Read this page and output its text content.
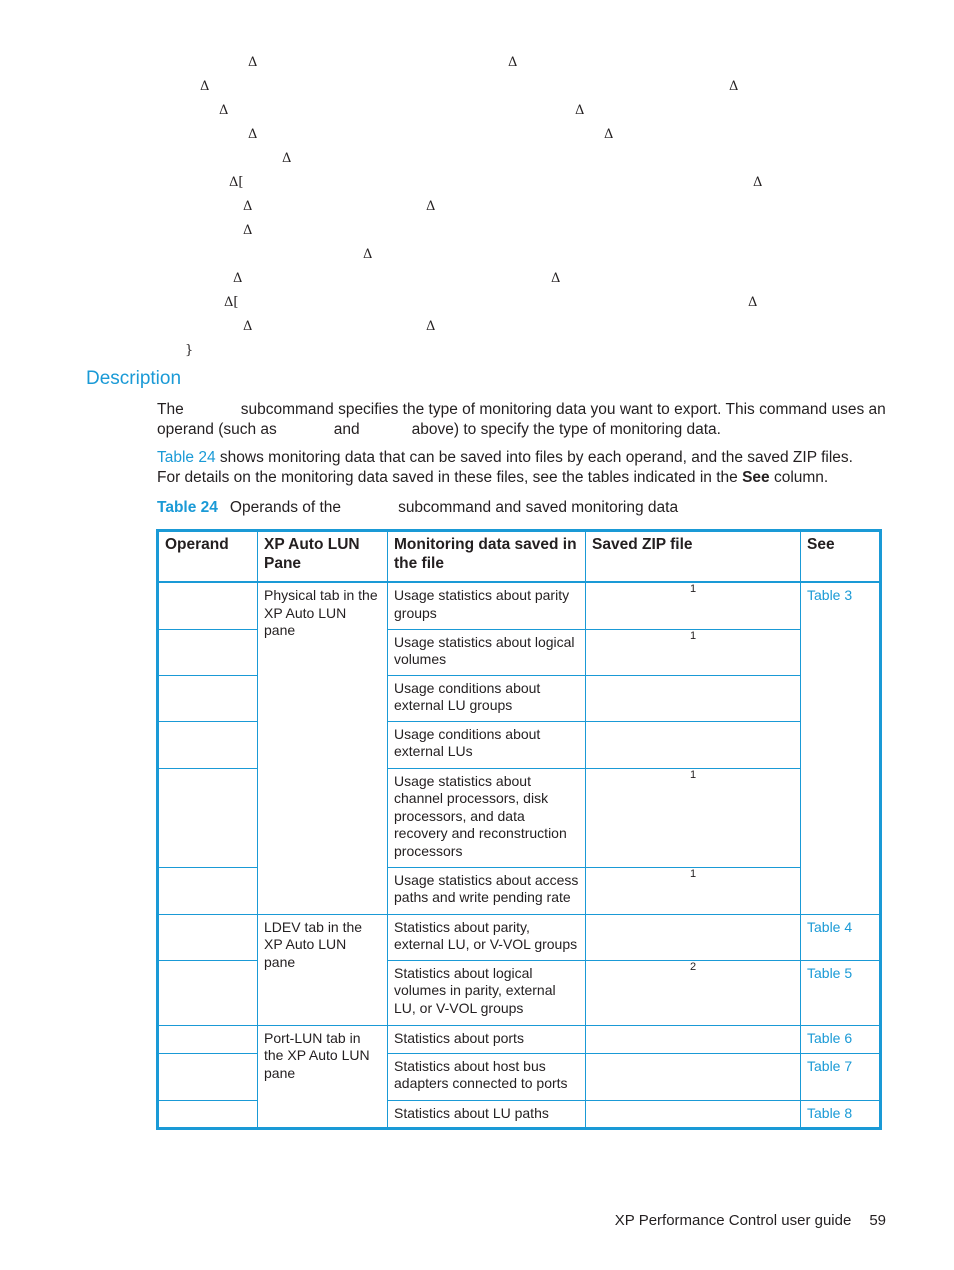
Δ	Δ
Δ	Δ
Δ	Δ
Δ	Δ
Δ
Δ[	Δ
Δ	Δ
Δ
Δ
Δ	Δ
Δ[	Δ
Δ	Δ
}
Description
The	subcommand specifies the type of monitoring data you want to export. This command uses an
operand (such as	and	above) to specify the type of monitoring data.
Table 24 shows monitoring data that can be saved into files by each operand, and the saved ZIP files.
For details on the monitoring data saved in these files, see the tables indicated in the See column.
Table 24 Operands of the	subcommand and saved monitoring data
Operand	XP Auto LUN Pane	Monitoring data saved in the file	Saved ZIP file	See
	Physical tab in the XP Auto LUN pane	Usage statistics about parity groups	1	Table 3
		Usage statistics about logical volumes	1	

		Usage conditions about external LU groups		

		Usage conditions about external LUs		

		Usage statistics about channel processors, disk processors, and data recovery and reconstruction processors	1	

		Usage statistics about access paths and write pending rate	1	

	LDEV tab in the XP Auto LUN pane	Statistics about parity, external LU, or V-VOL groups		Table 4
		Statistics about logical volumes in parity, external LU, or V-VOL groups	2	Table 5
	Port-LUN tab in the XP Auto LUN pane	Statistics about ports		Table 6
		Statistics about host bus adapters connected to ports		Table 7
		Statistics about LU paths		Table 8
XP Performance Control user guide 59
